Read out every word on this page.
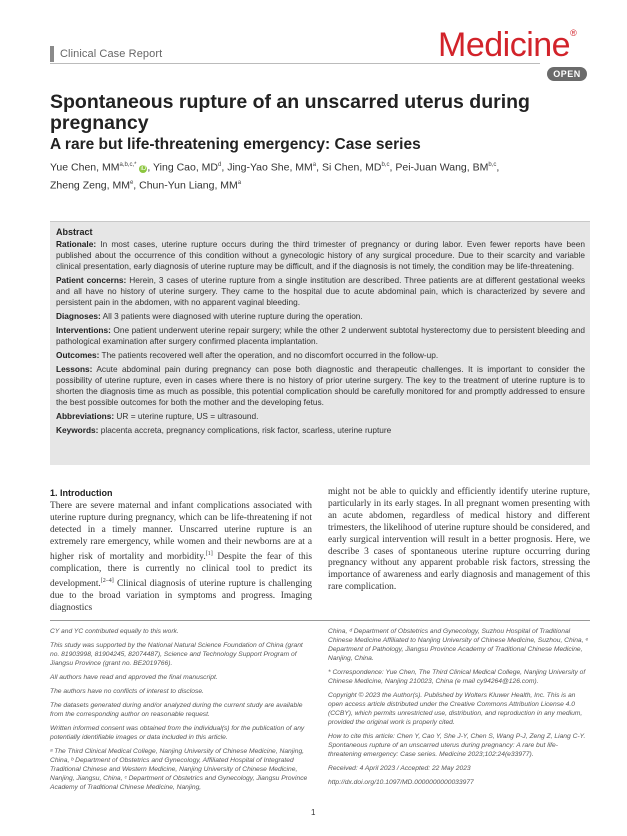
Clinical Case Report	Medicine®
OPEN
Spontaneous rupture of an unscarred uterus during pregnancy
A rare but life-threatening emergency: Case series
Yue Chen, $MM^{a,b,c,*}$ iD, Ying Cao, $MD^d$, Jing-Yao She, $MM^a$, Si Chen, MD$^{b,c}$, Pei-Juan Wang, BM$^{b,c}$,
Zheng Zeng, MMe, Chun-Yun Liang, $MM^a$
Abstract

Rationale: In most cases, uterine rupture occurs during the third trimester of pregnancy or during labor. Even fewer reports have been published about the occurrence of this condition without a gynecologic history of any surgical procedure. Due to their scarcity and variable clinical presentation, early diagnosis of uterine rupture may be difficult, and if the diagnosis is not timely, the condition may be life-threatening.

Patient concerns: Herein, 3 cases of uterine rupture from a single institution are described. Three patients are at different gestational weeks and all have no history of uterine surgery. They came to the hospital due to acute abdominal pain, which is characterized by severe and persistent pain in the abdomen, with no apparent vaginal bleeding.

Diagnoses: All 3 patients were diagnosed with uterine rupture during the operation.

Interventions: One patient underwent uterine repair surgery; while the other 2 underwent subtotal hysterectomy due to persistent bleeding and pathological examination after surgery confirmed placenta implantation.

Outcomes: The patients recovered well after the operation, and no discomfort occurred in the follow-up.

Lessons: Acute abdominal pain during pregnancy can pose both diagnostic and therapeutic challenges. It is important to consider the possibility of uterine rupture, even in cases where there is no history of prior uterine surgery. The key to the treatment of uterine rupture is to shorten the diagnosis time as much as possible, this potential complication should be carefully monitored for and promptly addressed to ensure the best possible outcomes for both the mother and the developing fetus.

Abbreviations: UR = uterine rupture, US = ultrasound.

Keywords: placenta accreta, pregnancy complications, risk factor, scarless, uterine rupture

1. Introduction
There are severe maternal and infant complications associated with uterine rupture during pregnancy, which can be life-threatening if not detected in a timely manner. Unscarred uterine rupture is an extremely rare emergency, while women and their newborns are at a higher risk of mortality and morbidity.[1] Despite the fear of this complication, there is currently no clinical tool to predict its development.[2–4] Clinical diagnosis of uterine rupture is challenging due to the broad variation in symptoms and progress. Imaging diagnostics
might not be able to quickly and efficiently identify uterine rupture, particularly in its early stages. In all pregnant women presenting with an acute abdomen, regardless of medical history and different trimesters, the likelihood of uterine rupture should be considered, and early surgical intervention will result in a better prognosis. Here, we describe 3 cases of spontaneous uterine rupture occurring during pregnancy without any apparent probable risk factors, stressing the importance of awareness and early diagnosis and management of this rare complication.

CY and YC contributed equally to this work.

This study was supported by the National Natural Science Foundation of China (grant no. 81903998, 81904245, 82074487), Science and Technology Support Program of Jiangsu Province (grant no. BE2019766).

All authors have read and approved the final manuscript.

The authors have no conflicts of interest to disclose.

The datasets generated during and/or analyzed during the current study are available from the corresponding author on reasonable request.

Written informed consent was obtained from the individual(s) for the publication of any potentially identifiable images or data included in this article.

ᵃ The Third Clinical Medical College, Nanjing University of Chinese Medicine, Nanjing, China, ᵇ Department of Obstetrics and Gynecology, Affiliated Hospital of Integrated Traditional Chinese and Western Medicine, Nanjing University of Chinese Medicine, Nanjing, Jiangsu, China, ᶜ Department of Obstetrics and Gynecology, Jiangsu Province Academy of Traditional Chinese Medicine, Nanjing,

China, ᵈ Department of Obstetrics and Gynecology, Suzhou Hospital of Traditional Chinese Medicine Affiliated to Nanjing University of Chinese Medicine, Suzhou, China, ᵉ Department of Pathology, Jiangsu Province Academy of Traditional Chinese Medicine, Nanjing, China.

* Correspondence: Yue Chen, The Third Clinical Medical College, Nanjing University of Chinese Medicine, Nanjing 210023, China (e mail cy94264@126.com).

Copyright © 2023 the Author(s). Published by Wolters Kluwer Health, Inc. This is an open access article distributed under the Creative Commons Attribution License 4.0 (CCBY), which permits unrestricted use, distribution, and reproduction in any medium, provided the original work is properly cited.

How to cite this article: Chen Y, Cao Y, She J-Y, Chen S, Wang P-J, Zeng Z, Liang C-Y. Spontaneous rupture of an unscarred uterus during pregnancy: A rare but life-threatening emergency: Case series. Medicine 2023;102:24(e33977).

Received: 4 April 2023 / Accepted: 22 May 2023

http://dx.doi.org/10.1097/MD.0000000000033977

1
